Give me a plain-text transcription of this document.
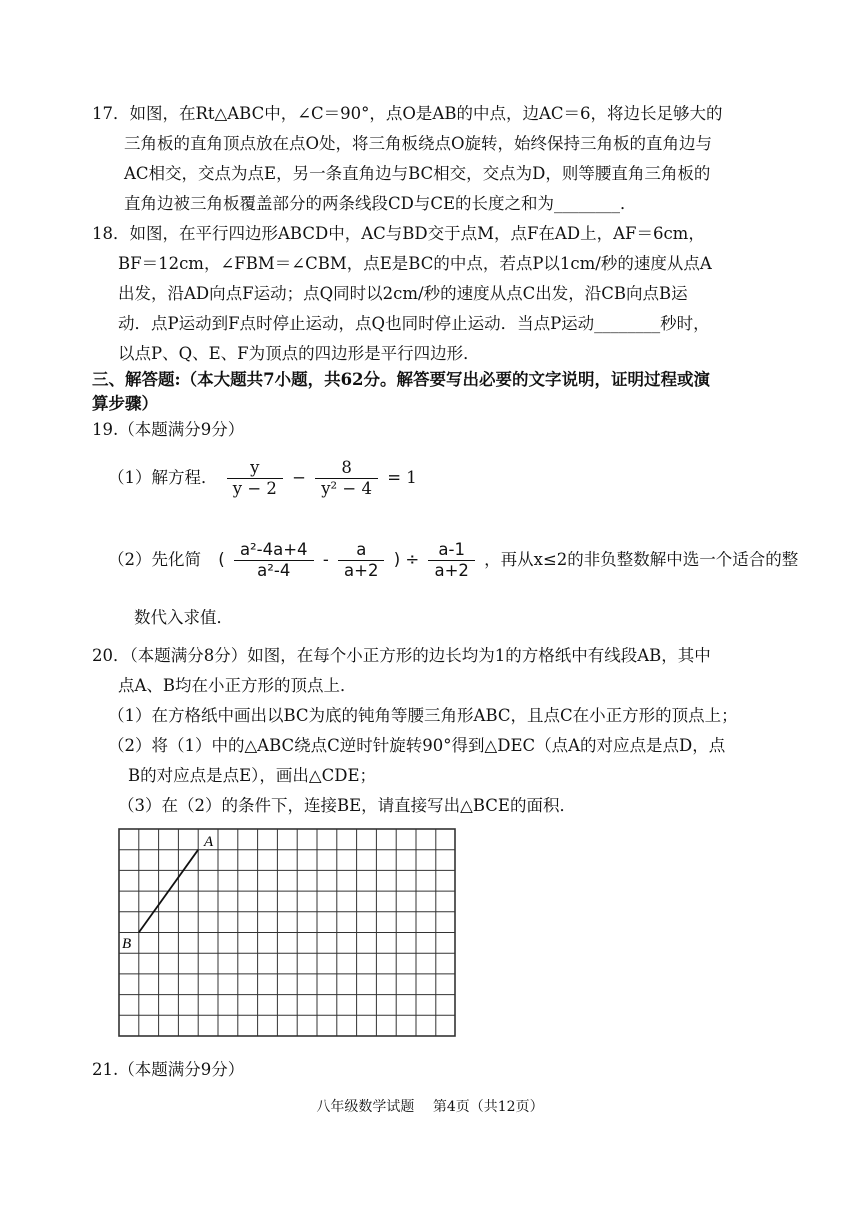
17．如图，在Rt△ABC中，∠C＝90°，点O是AB的中点，边AC＝6，将边长足够大的
三角板的直角顶点放在点O处，将三角板绕点O旋转，始终保持三角板的直角边与
AC相交，交点为点E，另一条直角边与BC相交，交点为D，则等腰直角三角板的
直角边被三角板覆盖部分的两条线段CD与CE的长度之和为________．
18．如图，在平行四边形ABCD中，AC与BD交于点M，点F在AD上，AF＝6cm，
BF＝12cm，∠FBM＝∠CBM，点E是BC的中点，若点P以1cm/秒的速度从点A
出发，沿AD向点F运动；点Q同时以2cm/秒的速度从点C出发，沿CB向点B运
动．点P运动到F点时停止运动，点Q也同时停止运动．当点P运动________秒时，
以点P、Q、E、F为顶点的四边形是平行四边形．
三、解答题:（本大题共7小题，共62分。解答要写出必要的文字说明，证明过程或演
算步骤）
19.（本题满分9分）
（1）解方程． $\frac{y}{y - 2} - \frac{8}{\text{y² − 4}} = 1$
（2）先化简 ( $\frac{\text{a²-4a+4}}{\text{a²-4}} - \frac{a}{a+2}$ ) ÷ $\frac{a-1}{a+2}$ ，再从x≤2的非负整数解中选一个适合的整
数代入求值．
20．（本题满分8分）如图，在每个小正方形的边长均为1的方格纸中有线段AB，其中
点A、B均在小正方形的顶点上．
（1）在方格纸中画出以BC为底的钝角等腰三角形ABC，且点C在小正方形的顶点上；
（2）将（1）中的△ABC绕点C逆时针旋转90°得到△DEC（点A的对应点是点D，点
B的对应点是点E），画出△CDE；
（3）在（2）的条件下，连接BE，请直接写出△BCE的面积．
A
B
21.（本题满分9分）
八年级数学试题　 第4页（共12页）
